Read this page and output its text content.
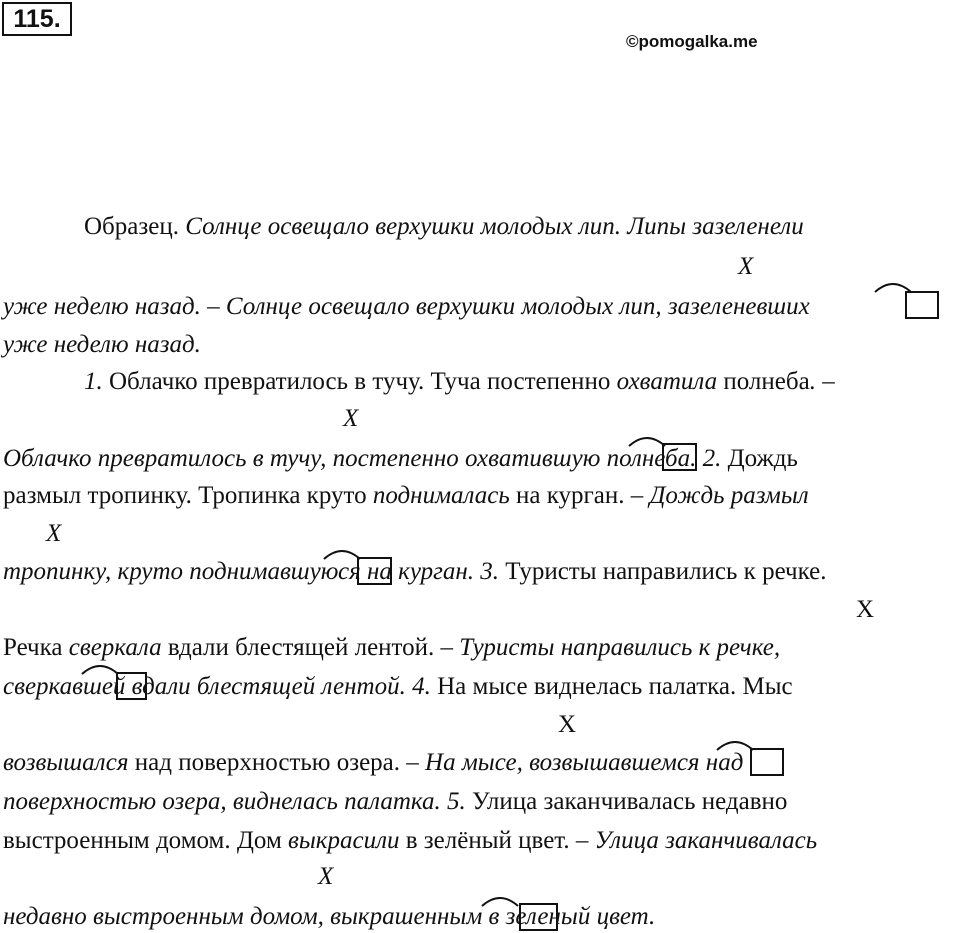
115.
©pomogalka.me
Образец. Солнце освещало верхушки молодых лип. Липы зазеленели
X
уже неделю назад. – Солнце освещало верхушки молодых лип, зазеленевших
уже неделю назад.
1. Облачко превратилось в тучу. Туча постепенно охватила полнеба. –
X
Облачко превратилось в тучу, постепенно охватившую полнеба. 2. Дождь
размыл тропинку. Тропинка круто поднималась на курган. – Дождь размыл
X
тропинку, круто поднимавшуюся на курган. 3. Туристы направились к речке.
X
Речка сверкала вдали блестящей лентой. – Туристы направились к речке,
сверкавшей вдали блестящей лентой. 4. На мысе виднелась палатка. Мыс
X
возвышался над поверхностью озера. – На мысе, возвышавшемся над
поверхностью озера, виднелась палатка. 5. Улица заканчивалась недавно
выстроенным домом. Дом выкрасили в зелёный цвет. – Улица заканчивалась
X
недавно выстроенным домом, выкрашенным в зеленый цвет.
